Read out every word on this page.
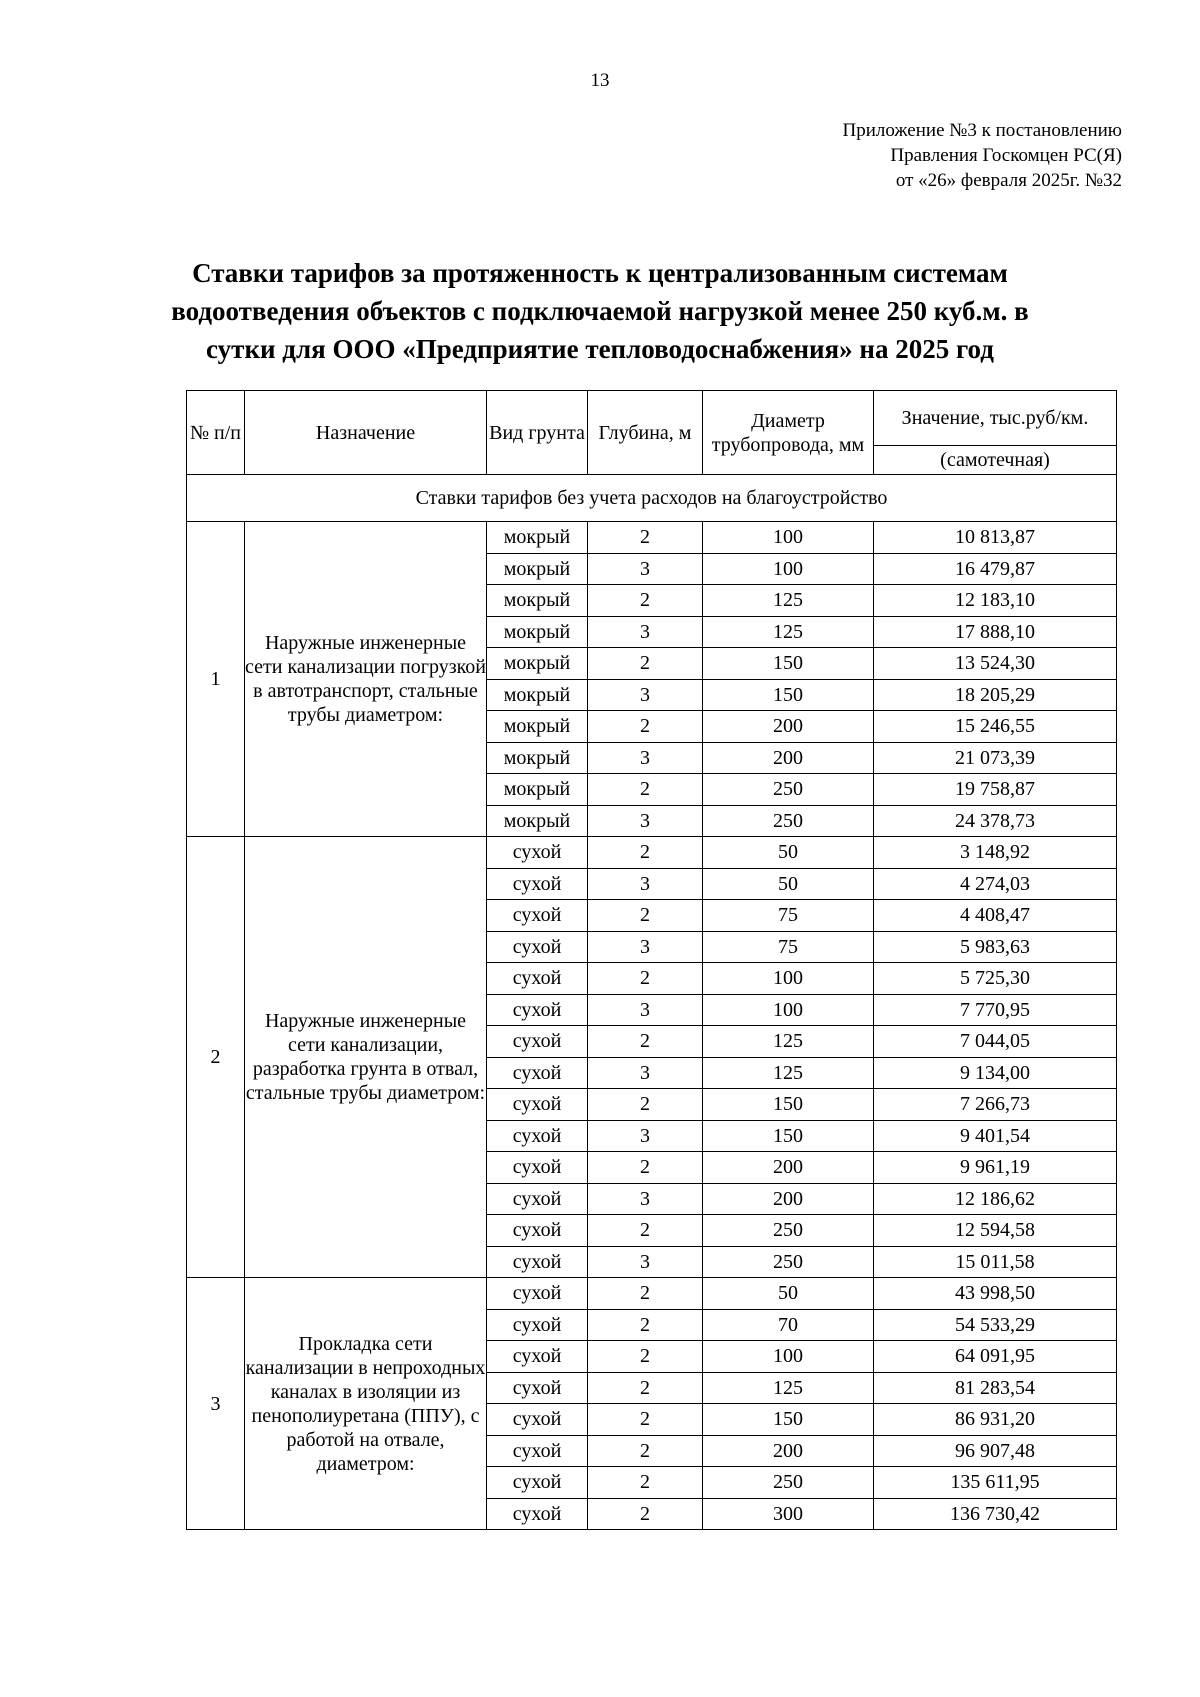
13
Приложение №3 к постановлению
Правления Госкомцен РС(Я)
от «26» февраля 2025г. №32
Ставки тарифов за протяженность к централизованным системам
водоотведения объектов с подключаемой нагрузкой менее 250 куб.м. в
сутки для ООО «Предприятие тепловодоснабжения» на 2025 год
№ п/п	Назначение	Вид грунта	Глубина, м	Диаметр трубопровода, мм	Значение, тыс.руб/км.
					(самотечная)
Ставки тарифов без учета расходов на благоустройство					
1	Наружные инженерные сети канализации погрузкой в автотранспорт, стальные трубы диаметром:	мокрый	2	100	10 813,87
		мокрый	3	100	16 479,87
		мокрый	2	125	12 183,10
		мокрый	3	125	17 888,10
		мокрый	2	150	13 524,30
		мокрый	3	150	18 205,29
		мокрый	2	200	15 246,55
		мокрый	3	200	21 073,39
		мокрый	2	250	19 758,87
		мокрый	3	250	24 378,73
2	Наружные инженерные сети канализации, разработка грунта в отвал, стальные трубы диаметром:	сухой	2	50	3 148,92
		сухой	3	50	4 274,03
		сухой	2	75	4 408,47
		сухой	3	75	5 983,63
		сухой	2	100	5 725,30
		сухой	3	100	7 770,95
		сухой	2	125	7 044,05
		сухой	3	125	9 134,00
		сухой	2	150	7 266,73
		сухой	3	150	9 401,54
		сухой	2	200	9 961,19
		сухой	3	200	12 186,62
		сухой	2	250	12 594,58
		сухой	3	250	15 011,58
3	Прокладка сети канализации в непроходных каналах в изоляции из пенополиуретана (ППУ), с работой на отвале, диаметром:	сухой	2	50	43 998,50
		сухой	2	70	54 533,29
		сухой	2	100	64 091,95
		сухой	2	125	81 283,54
		сухой	2	150	86 931,20
		сухой	2	200	96 907,48
		сухой	2	250	135 611,95
		сухой	2	300	136 730,42
